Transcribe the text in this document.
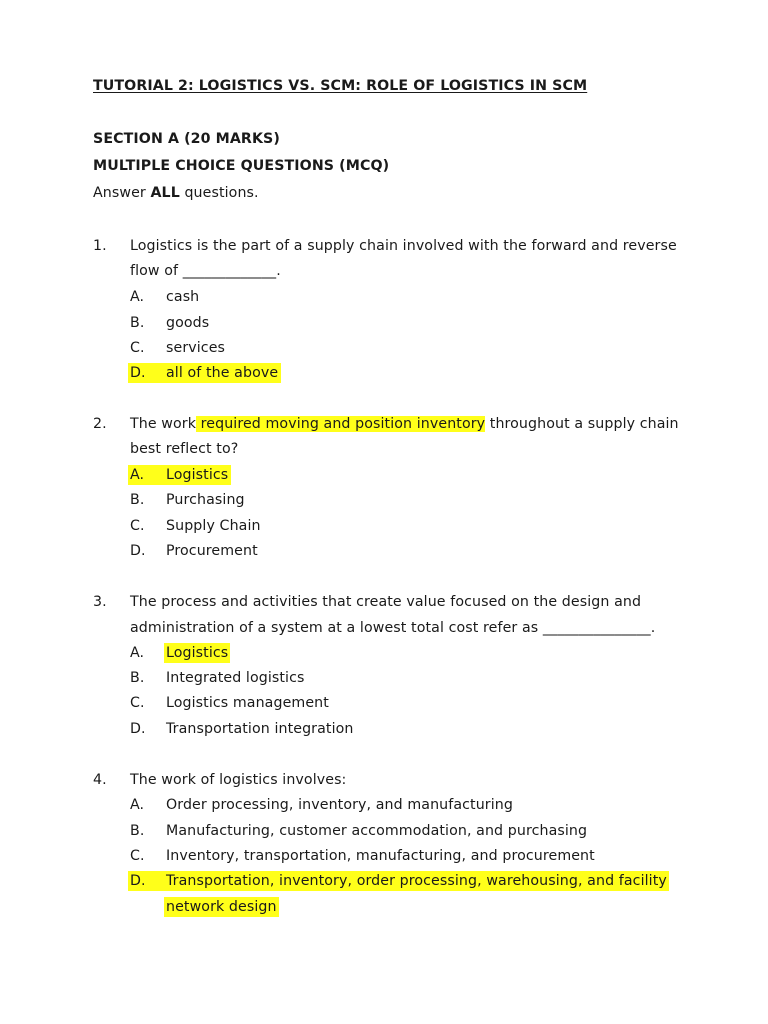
TUTORIAL 2: LOGISTICS VS. SCM: ROLE OF LOGISTICS IN SCM
SECTION A (20 MARKS)
MULTIPLE CHOICE QUESTIONS (MCQ)
Answer ALL questions.
1. Logistics is the part of a supply chain involved with the forward and reverse
flow of _____________.
A. cash
B. goods
C. services
D. all of the above
2. The work required moving and position inventory throughout a supply chain
best reflect to?
A. Logistics
B. Purchasing
C. Supply Chain
D. Procurement
3. The process and activities that create value focused on the design and
administration of a system at a lowest total cost refer as _______________.
A. Logistics
B. Integrated logistics
C. Logistics management
D. Transportation integration
4. The work of logistics involves:
A. Order processing, inventory, and manufacturing
B. Manufacturing, customer accommodation, and purchasing
C. Inventory, transportation, manufacturing, and procurement
D. Transportation, inventory, order processing, warehousing, and facility
network design
